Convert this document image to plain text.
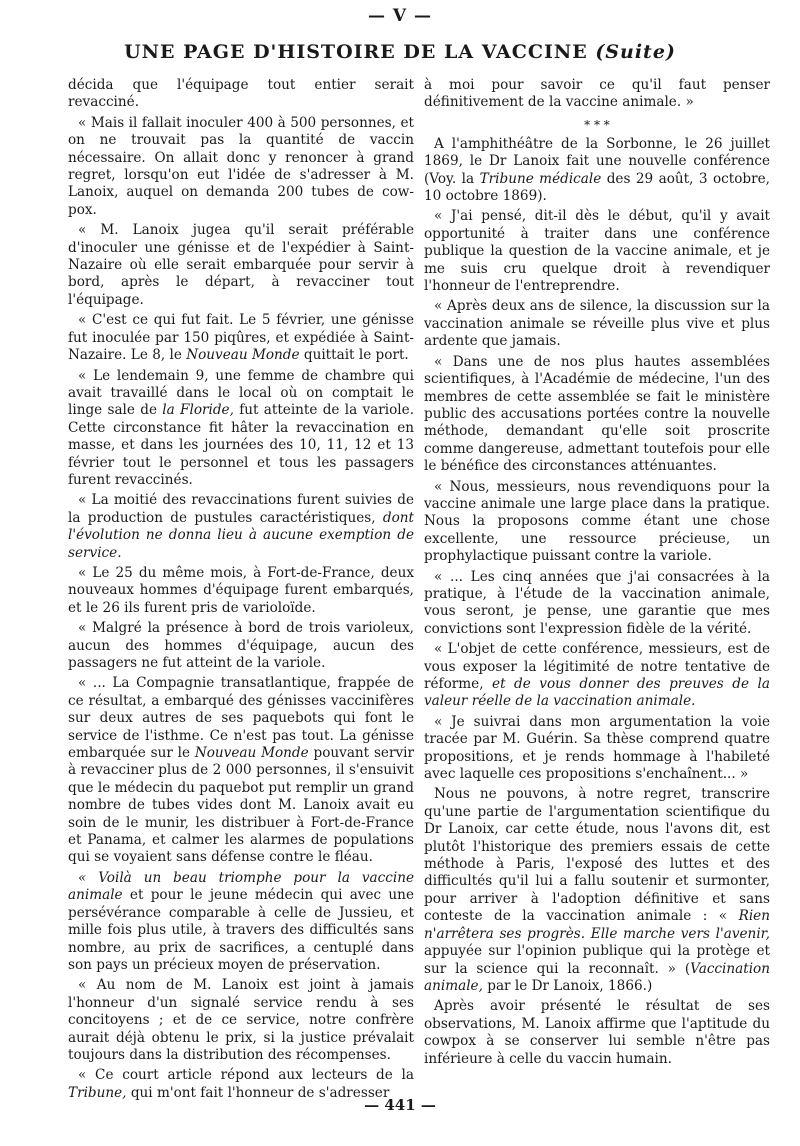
— V —
UNE PAGE D'HISTOIRE DE LA VACCINE (Suite)

décida que l'équipage tout entier serait revacciné.

« Mais il fallait inoculer 400 à 500 personnes, et on ne trouvait pas la quantité de vaccin nécessaire. On allait donc y renoncer à grand regret, lorsqu'on eut l'idée de s'adresser à M. Lanoix, auquel on demanda 200 tubes de cow-pox.

« M. Lanoix jugea qu'il serait préférable d'inoculer une génisse et de l'expédier à Saint-Nazaire où elle serait embarquée pour servir à bord, après le départ, à revacciner tout l'équipage.

« C'est ce qui fut fait. Le 5 février, une génisse fut inoculée par 150 piqûres, et expédiée à Saint-Nazaire. Le 8, le Nouveau Monde quittait le port.

« Le lendemain 9, une femme de chambre qui avait travaillé dans le local où on comptait le linge sale de la Floride, fut atteinte de la variole. Cette circonstance fit hâter la revaccination en masse, et dans les journées des 10, 11, 12 et 13 février tout le personnel et tous les passagers furent revaccinés.

« La moitié des revaccinations furent suivies de la production de pustules caractéristiques, dont l'évolution ne donna lieu à aucune exemption de service.

« Le 25 du même mois, à Fort-de-France, deux nouveaux hommes d'équipage furent embarqués, et le 26 ils furent pris de varioloïde.

« Malgré la présence à bord de trois varioleux, aucun des hommes d'équipage, aucun des passagers ne fut atteint de la variole.

« ... La Compagnie transatlantique, frappée de ce résultat, a embarqué des génisses vaccinifères sur deux autres de ses paquebots qui font le service de l'isthme. Ce n'est pas tout. La génisse embarquée sur le Nouveau Monde pouvant servir à revacciner plus de 2 000 personnes, il s'ensuivit que le médecin du paquebot put remplir un grand nombre de tubes vides dont M. Lanoix avait eu soin de le munir, les distribuer à Fort-de-France et Panama, et calmer les alarmes de populations qui se voyaient sans défense contre le fléau.

« Voilà un beau triomphe pour la vaccine animale et pour le jeune médecin qui avec une persévérance comparable à celle de Jussieu, et mille fois plus utile, à travers des difficultés sans nombre, au prix de sacrifices, a centuplé dans son pays un précieux moyen de préservation.

« Au nom de M. Lanoix est joint à jamais l'honneur d'un signalé service rendu à ses concitoyens ; et de ce service, notre confrère aurait déjà obtenu le prix, si la justice prévalait toujours dans la distribution des récompenses.

« Ce court article répond aux lecteurs de la Tribune, qui m'ont fait l'honneur de s'adresser

à moi pour savoir ce qu'il faut penser définitivement de la vaccine animale. »

* * *

A l'amphithéâtre de la Sorbonne, le 26 juillet 1869, le Dr Lanoix fait une nouvelle conférence (Voy. la Tribune médicale des 29 août, 3 octobre, 10 octobre 1869).

« J'ai pensé, dit-il dès le début, qu'il y avait opportunité à traiter dans une conférence publique la question de la vaccine animale, et je me suis cru quelque droit à revendiquer l'honneur de l'entreprendre.

« Après deux ans de silence, la discussion sur la vaccination animale se réveille plus vive et plus ardente que jamais.

« Dans une de nos plus hautes assemblées scientifiques, à l'Académie de médecine, l'un des membres de cette assemblée se fait le ministère public des accusations portées contre la nouvelle méthode, demandant qu'elle soit proscrite comme dangereuse, admettant toutefois pour elle le bénéfice des circonstances atténuantes.

« Nous, messieurs, nous revendiquons pour la vaccine animale une large place dans la pratique. Nous la proposons comme étant une chose excellente, une ressource précieuse, un prophylactique puissant contre la variole.

« ... Les cinq années que j'ai consacrées à la pratique, à l'étude de la vaccination animale, vous seront, je pense, une garantie que mes convictions sont l'expression fidèle de la vérité.

« L'objet de cette conférence, messieurs, est de vous exposer la légitimité de notre tentative de réforme, et de vous donner des preuves de la valeur réelle de la vaccination animale.

« Je suivrai dans mon argumentation la voie tracée par M. Guérin. Sa thèse comprend quatre propositions, et je rends hommage à l'habileté avec laquelle ces propositions s'enchaînent... »

Nous ne pouvons, à notre regret, transcrire qu'une partie de l'argumentation scientifique du Dr Lanoix, car cette étude, nous l'avons dit, est plutôt l'historique des premiers essais de cette méthode à Paris, l'exposé des luttes et des difficultés qu'il lui a fallu soutenir et surmonter, pour arriver à l'adoption définitive et sans conteste de la vaccination animale : « Rien n'arrêtera ses progrès. Elle marche vers l'avenir, appuyée sur l'opinion publique qui la protège et sur la science qui la reconnaît. » (Vaccination animale, par le Dr Lanoix, 1866.)

Après avoir présenté le résultat de ses observations, M. Lanoix affirme que l'aptitude du cowpox à se conserver lui semble n'être pas inférieure à celle du vaccin humain.

— 441 —
